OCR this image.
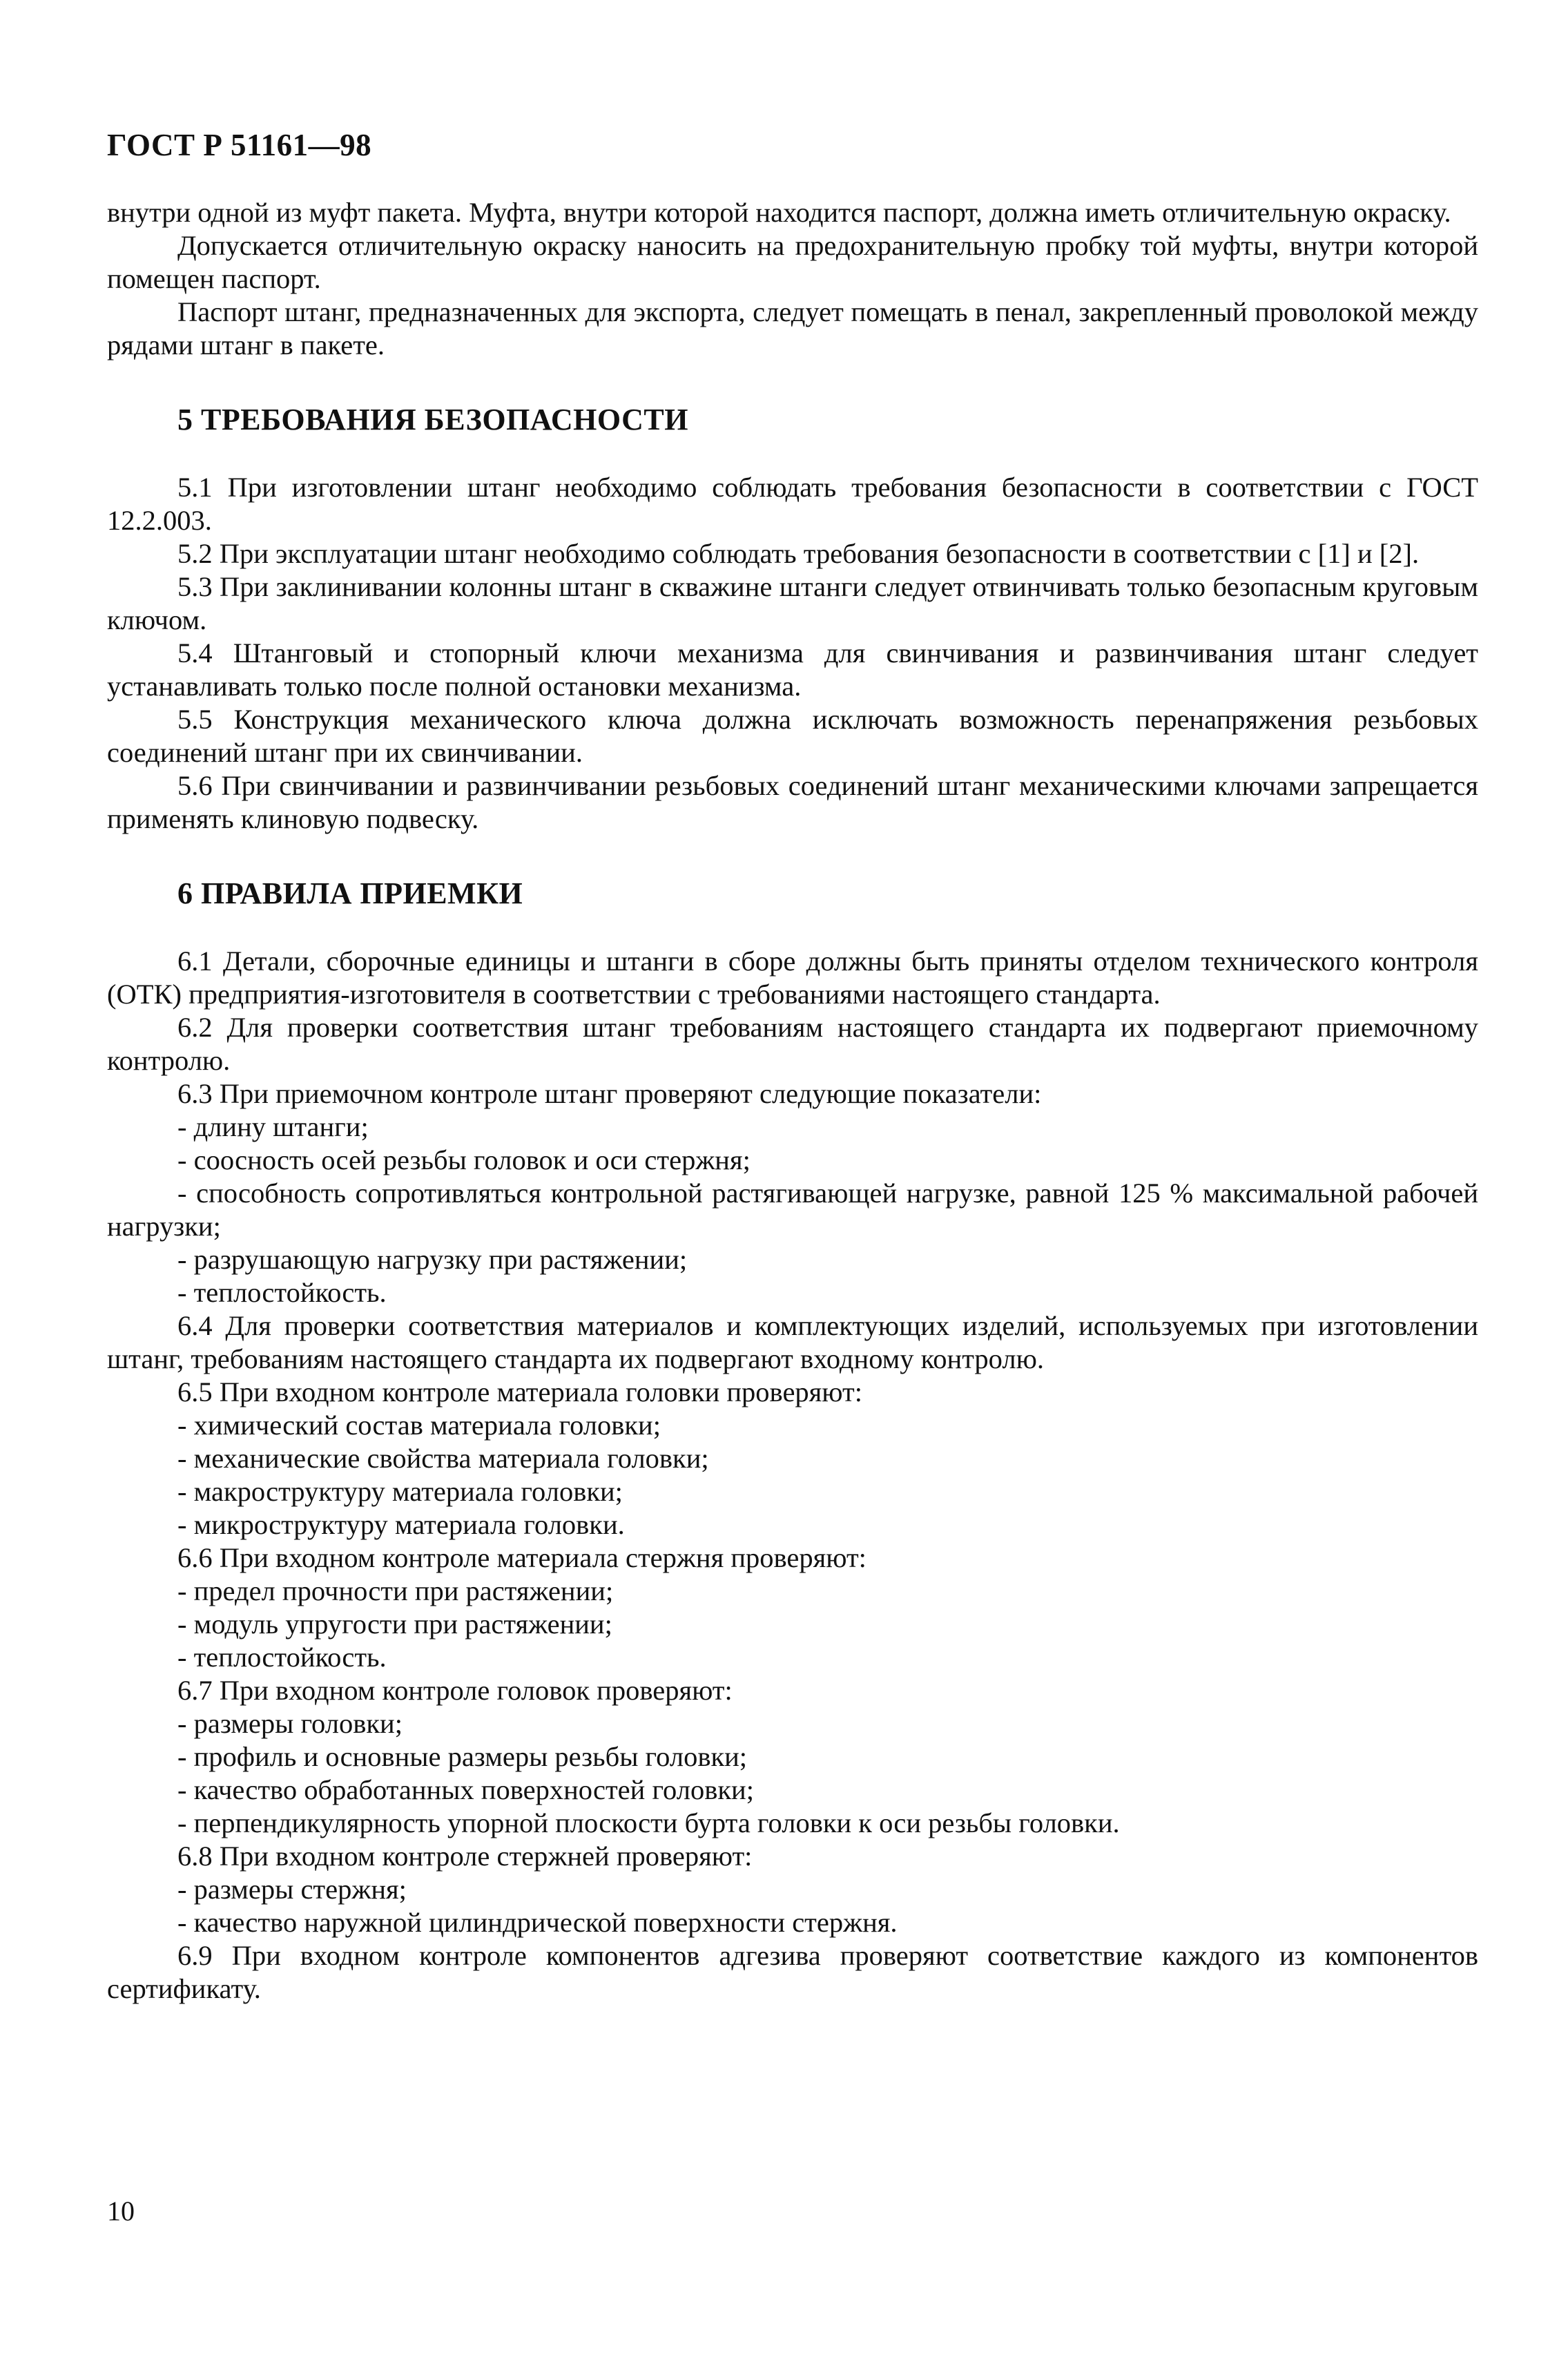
ГОСТ Р 51161—98

внутри одной из муфт пакета. Муфта, внутри которой находится паспорт, должна иметь отличительную окраску.

Допускается отличительную окраску наносить на предохранительную пробку той муфты, внутри которой помещен паспорт.

Паспорт штанг, предназначенных для экспорта, следует помещать в пенал, закрепленный проволокой между рядами штанг в пакете.

5 ТРЕБОВАНИЯ БЕЗОПАСНОСТИ

5.1 При изготовлении штанг необходимо соблюдать требования безопасности в соответствии с ГОСТ 12.2.003.

5.2 При эксплуатации штанг необходимо соблюдать требования безопасности в соответствии с [1] и [2].

5.3 При заклинивании колонны штанг в скважине штанги следует отвинчивать только безопасным круговым ключом.

5.4 Штанговый и стопорный ключи механизма для свинчивания и развинчивания штанг следует устанавливать только после полной остановки механизма.

5.5 Конструкция механического ключа должна исключать возможность перенапряжения резьбовых соединений штанг при их свинчивании.

5.6 При свинчивании и развинчивании резьбовых соединений штанг механическими ключами запрещается применять клиновую подвеску.

6 ПРАВИЛА ПРИЕМКИ

6.1 Детали, сборочные единицы и штанги в сборе должны быть приняты отделом технического контроля (ОТК) предприятия-изготовителя в соответствии с требованиями настоящего стандарта.

6.2 Для проверки соответствия штанг требованиям настоящего стандарта их подвергают приемочному контролю.

6.3 При приемочном контроле штанг проверяют следующие показатели:

- длину штанги;

- соосность осей резьбы головок и оси стержня;

- способность сопротивляться контрольной растягивающей нагрузке, равной 125 % максимальной рабочей нагрузки;

- разрушающую нагрузку при растяжении;

- теплостойкость.

6.4 Для проверки соответствия материалов и комплектующих изделий, используемых при изготовлении штанг, требованиям настоящего стандарта их подвергают входному контролю.

6.5 При входном контроле материала головки проверяют:

- химический состав материала головки;

- механические свойства материала головки;

- макроструктуру материала головки;

- микроструктуру материала головки.

6.6 При входном контроле материала стержня проверяют:

- предел прочности при растяжении;

- модуль упругости при растяжении;

- теплостойкость.

6.7 При входном контроле головок проверяют:

- размеры головки;

- профиль и основные размеры резьбы головки;

- качество обработанных поверхностей головки;

- перпендикулярность упорной плоскости бурта головки к оси резьбы головки.

6.8 При входном контроле стержней проверяют:

- размеры стержня;

- качество наружной цилиндрической поверхности стержня.

6.9 При входном контроле компонентов адгезива проверяют соответствие каждого из компонентов сертификату.

10
